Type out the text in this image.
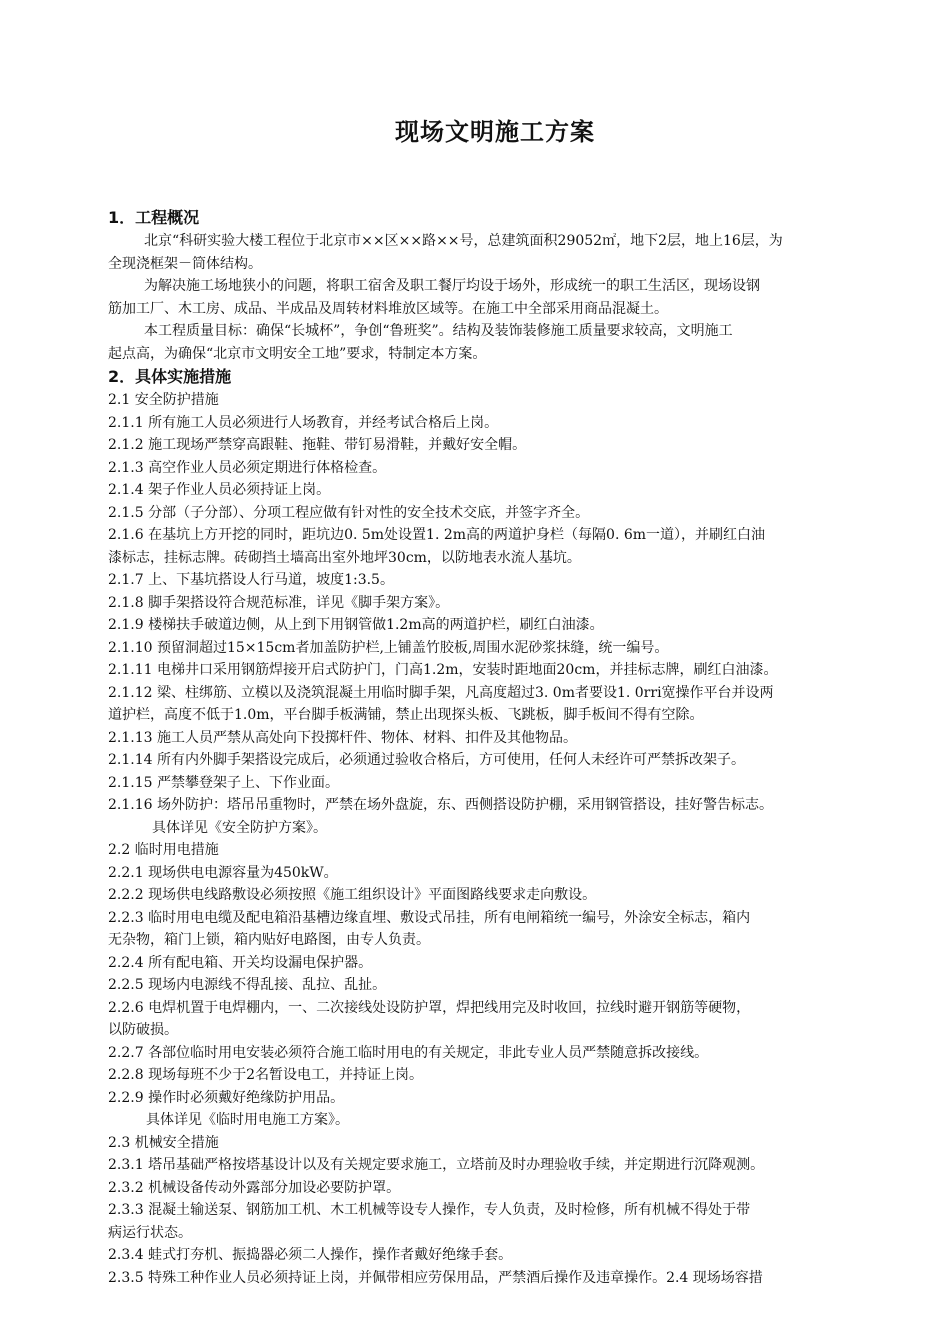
现场文明施工方案
1．工程概况
北京“科研实验大楼工程位于北京市××区××路××号，总建筑面积29052㎡，地下2层，地上16层，为
全现浇框架－筒体结构。
为解决施工场地狭小的问题，将职工宿舍及职工餐厅均设于场外，形成统一的职工生活区，现场设钢
筋加工厂、木工房、成品、半成品及周转材料堆放区域等。在施工中全部采用商品混凝土。
本工程质量目标：确保“长城杯”，争创“鲁班奖”。结构及装饰装修施工质量要求较高，文明施工
起点高，为确保“北京市文明安全工地”要求，特制定本方案。
2．具体实施措施
2.1 安全防护措施
2.1.1 所有施工人员必须进行人场教育，并经考试合格后上岗。
2.1.2 施工现场严禁穿高跟鞋、拖鞋、带钉易滑鞋，并戴好安全帽。
2.1.3 高空作业人员必须定期进行体格检查。
2.1.4 架子作业人员必须持证上岗。
2.1.5 分部（子分部）、分项工程应做有针对性的安全技术交底，并签字齐全。
2.1.6 在基坑上方开挖的同时，距坑边0. 5m处设置1. 2m高的两道护身栏（每隔0. 6m一道），并刷红白油
漆标志，挂标志牌。砖砌挡土墙高出室外地坪30cm，以防地表水流人基坑。
2.1.7 上、下基坑搭设人行马道，坡度1:3.5。
2.1.8 脚手架搭设符合规范标准，详见《脚手架方案》。
2.1.9 楼梯扶手破道边侧，从上到下用钢管做1.2m高的两道护栏，刷红白油漆。
2.1.10 预留洞超过15×15cm者加盖防护栏,上铺盖竹胶板,周围水泥砂浆抹缝，统一编号。
2.1.11 电梯井口采用钢筋焊接开启式防护门，门高1.2m，安装时距地面20cm，并挂标志牌，刷红白油漆。
2.1.12 梁、柱绑筋、立模以及浇筑混凝土用临时脚手架，凡高度超过3. 0m者要设1. 0rri宽操作平台并设两
道护栏，高度不低于1.0m，平台脚手板满铺，禁止出现探头板、飞跳板，脚手板间不得有空除。
2.1.13 施工人员严禁从高处向下投掷杆件、物体、材料、扣件及其他物品。
2.1.14 所有内外脚手架搭设完成后，必须通过验收合格后，方可使用，任何人未经许可严禁拆改架子。
2.1.15 严禁攀登架子上、下作业面。
2.1.16 场外防护：塔吊吊重物时，严禁在场外盘旋，东、西侧搭设防护棚，采用钢管搭设，挂好警告标志。
具体详见《安全防护方案》。
2.2 临时用电措施
2.2.1 现场供电电源容量为450kW。
2.2.2 现场供电线路敷设必须按照《施工组织设计》平面图路线要求走向敷设。
2.2.3 临时用电电缆及配电箱沿基槽边缘直埋、敷设式吊挂，所有电闸箱统一编号，外涂安全标志，箱内
无杂物，箱门上锁，箱内贴好电路图，由专人负责。
2.2.4 所有配电箱、开关均设漏电保护器。
2.2.5 现场内电源线不得乱接、乱拉、乱扯。
2.2.6 电焊机置于电焊棚内，一、二次接线处设防护罩，焊把线用完及时收回，拉线时避开钢筋等硬物，
以防破损。
2.2.7 各部位临时用电安装必须符合施工临时用电的有关规定，非此专业人员严禁随意拆改接线。
2.2.8 现场每班不少于2名暂设电工，并持证上岗。
2.2.9 操作时必须戴好绝缘防护用品。
具体详见《临时用电施工方案》。
2.3 机械安全措施
2.3.1 塔吊基础严格按塔基设计以及有关规定要求施工，立塔前及时办理验收手续，并定期进行沉降观测。
2.3.2 机械设备传动外露部分加设必要防护罩。
2.3.3 混凝土输送泵、钢筋加工机、木工机械等设专人操作，专人负责，及时检修，所有机械不得处于带
病运行状态。
2.3.4 蛙式打夯机、振捣器必须二人操作，操作者戴好绝缘手套。
2.3.5 特殊工种作业人员必须持证上岗，并佩带相应劳保用品，严禁酒后操作及违章操作。2.4 现场场容措
